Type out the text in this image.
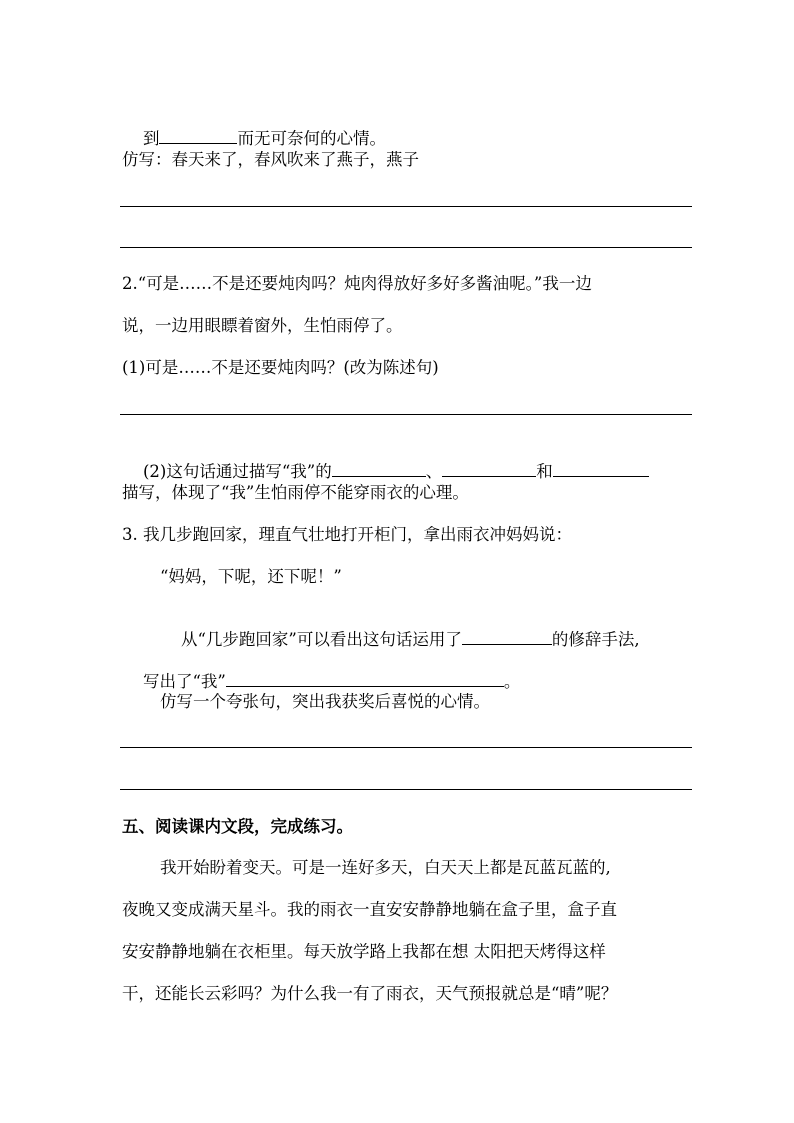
到	而无可奈何的心情。

仿写：春天来了，春风吹来了燕子，燕子
2.“可是……不是还要炖肉吗？炖肉得放好多好多酱油呢。”我一边
说，一边用眼瞟着窗外，生怕雨停了。
(1)可是……不是还要炖肉吗？(改为陈述句)

(2)这句话通过描写“我”的	、	和

描写，体现了“我”生怕雨停不能穿雨衣的心理。
3. 我几步跑回家，理直气壮地打开柜门，拿出雨衣冲妈妈说：
“妈妈，下呢，还下呢！”

从“几步跑回家”可以看出这句话运用了	的修辞手法,

写出了“我”	。

仿写一个夸张句，突出我获奖后喜悦的心情。
五、阅读课内文段，完成练习。
我开始盼着变天。可是一连好多天，白天天上都是瓦蓝瓦蓝的,
夜晚又变成满天星斗。我的雨衣一直安安静静地躺在盒子里，盒子直
安安静静地躺在衣柜里。每天放学路上我都在想 太阳把天烤得这样
干，还能长云彩吗？为什么我一有了雨衣，天气预报就总是“晴”呢？
